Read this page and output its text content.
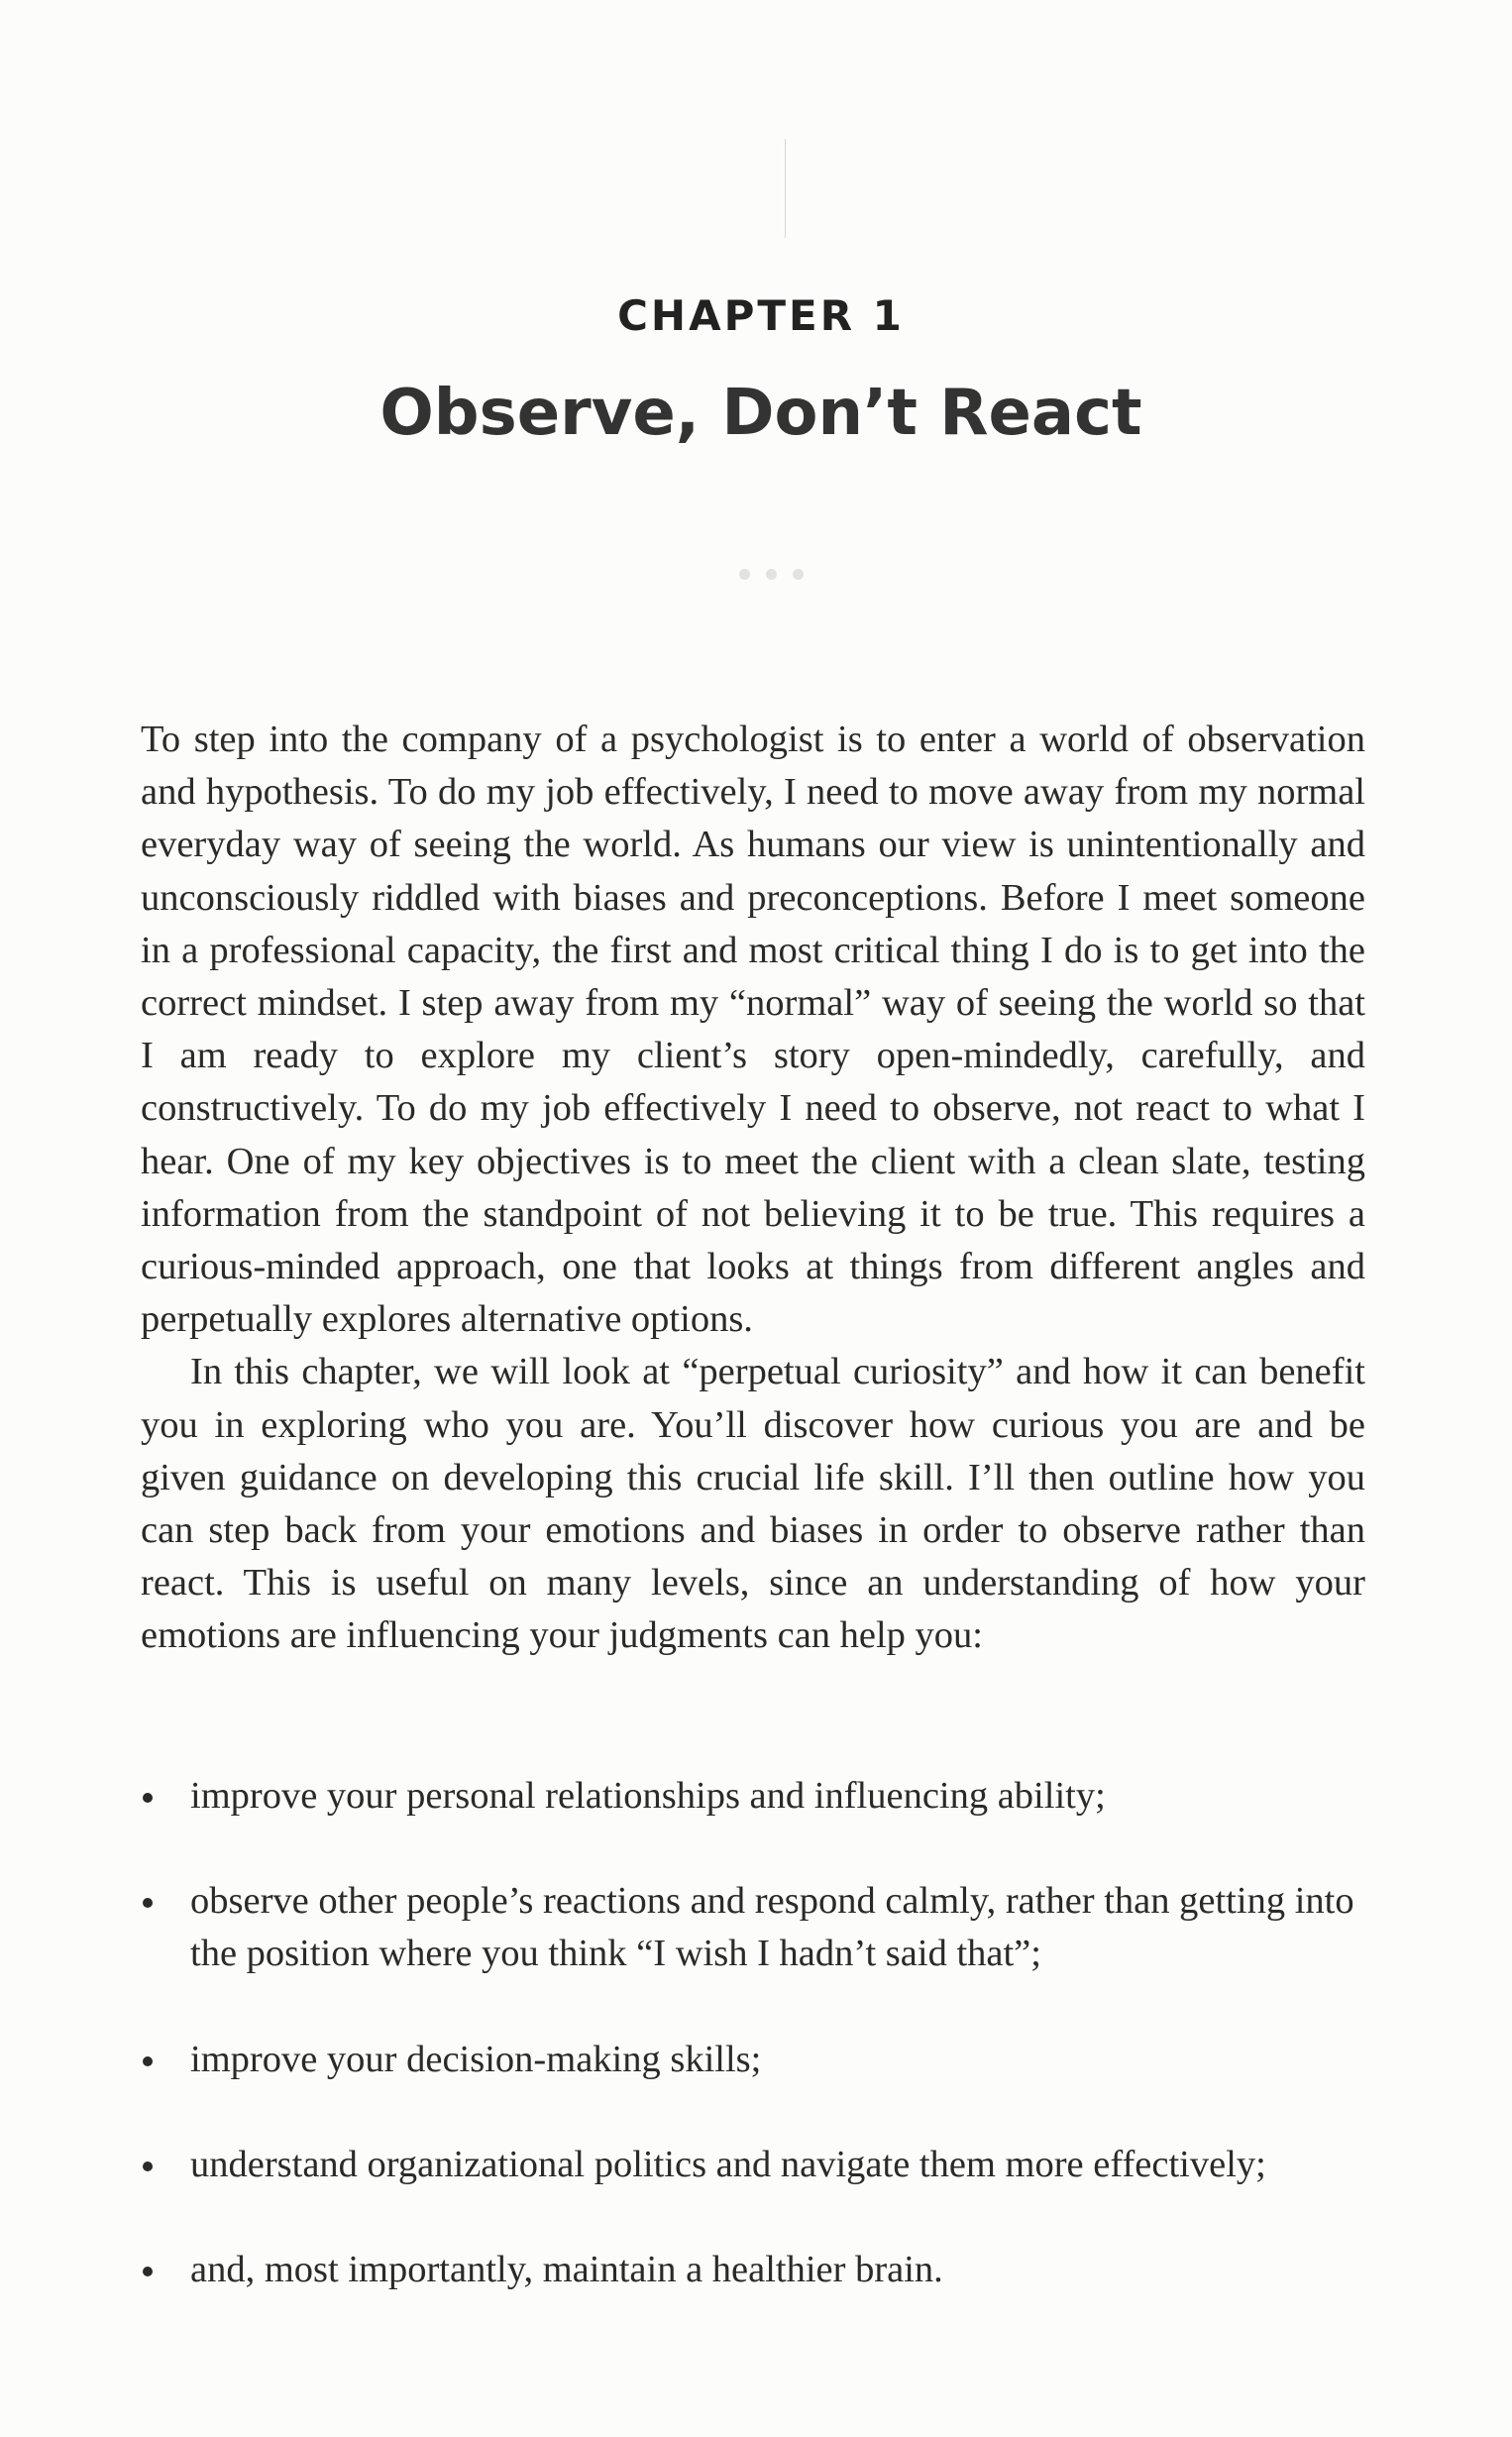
CHAPTER 1
Observe, Don’t React

To step into the company of a psychologist is to enter a world of observation and hypothesis. To do my job effectively, I need to move away from my normal everyday way of seeing the world. As humans our view is unintentionally and unconsciously riddled with biases and preconceptions. Before I meet someone in a professional capacity, the first and most critical thing I do is to get into the correct mindset. I step away from my “normal” way of seeing the world so that I am ready to explore my client’s story open-mindedly, carefully, and constructively. To do my job effectively I need to observe, not react to what I hear. One of my key objectives is to meet the client with a clean slate, testing information from the standpoint of not believing it to be true. This requires a curious-minded approach, one that looks at things from different angles and perpetually explores alternative options.

In this chapter, we will look at “perpetual curiosity” and how it can benefit you in exploring who you are. You’ll discover how curious you are and be given guidance on developing this crucial life skill. I’ll then outline how you can step back from your emotions and biases in order to observe rather than react. This is useful on many levels, since an understanding of how your emotions are influencing your judgments can help you:

improve your personal relationships and influencing ability;
observe other people’s reactions and respond calmly, rather than getting into the position where you think “I wish I hadn’t said that”;
improve your decision-making skills;
understand organizational politics and navigate them more effectively;
and, most importantly, maintain a healthier brain.
